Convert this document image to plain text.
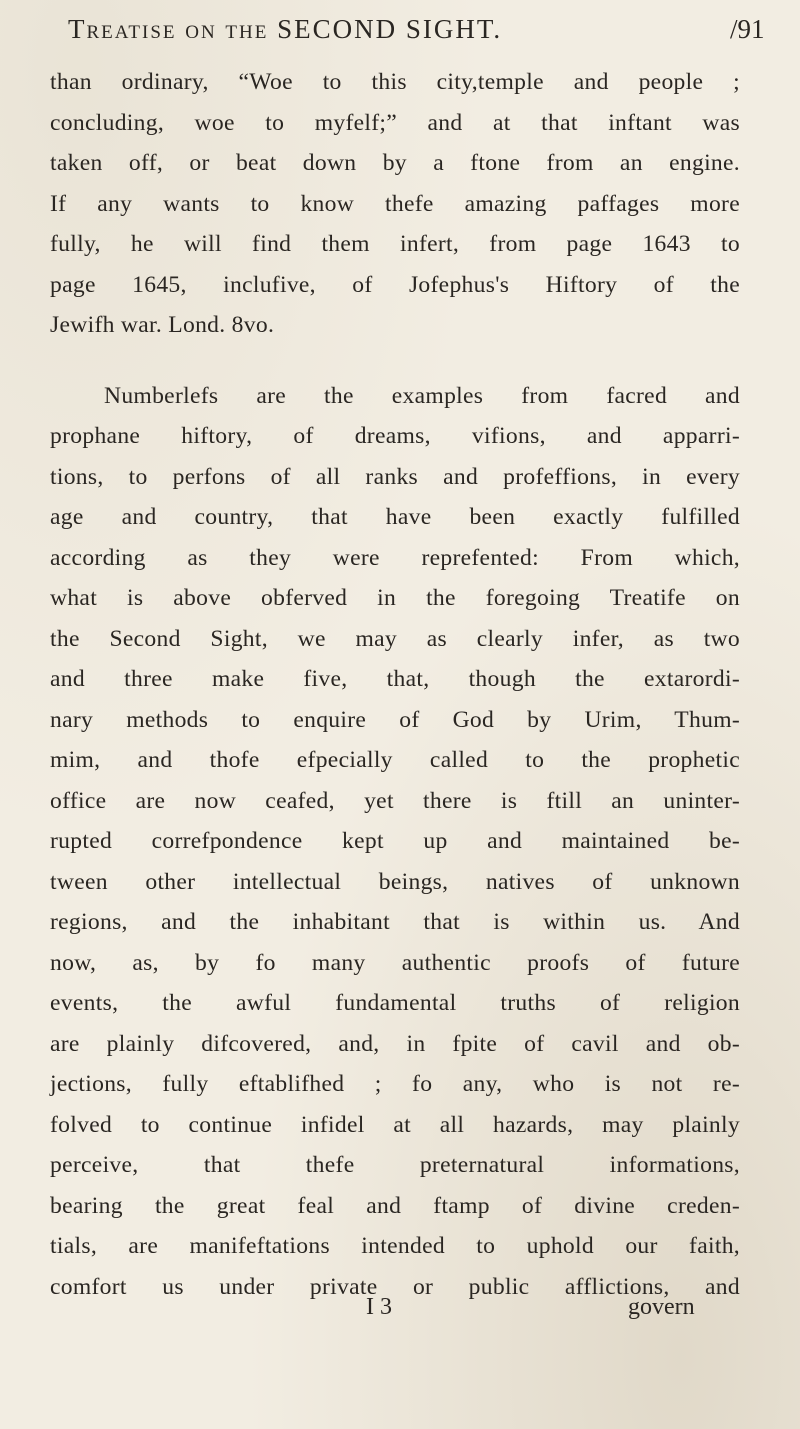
Treatise on the SECOND SIGHT.	/91
than ordinary, “Woe to this city,temple and people ;
concluding, woe to myfelf;” and at that inftant was
taken off, or beat down by a ftone from an engine.
If any wants to know thefe amazing paffages more
fully, he will find them infert, from page 1643 to
page 1645, inclufive, of Jofephus's Hiftory of the
Jewifh war. Lond. 8vo.
Numberlefs are the examples from facred and
prophane hiftory, of dreams, vifions, and apparri-
tions, to perfons of all ranks and profeffions, in every
age and country, that have been exactly fulfilled
according as they were reprefented: From which,
what is above obferved in the foregoing Treatife on
the Second Sight, we may as clearly infer, as two
and three make five, that, though the extarordi-
nary methods to enquire of God by Urim, Thum-
mim, and thofe efpecially called to the prophetic
office are now ceafed, yet there is ftill an uninter-
rupted correfpondence kept up and maintained be-
tween other intellectual beings, natives of unknown
regions, and the inhabitant that is within us. And
now, as, by fo many authentic proofs of future
events, the awful fundamental truths of religion
are plainly difcovered, and, in fpite of cavil and ob-
jections, fully eftablifhed ; fo any, who is not re-
folved to continue infidel at all hazards, may plainly
perceive, that thefe preternatural informations,
bearing the great feal and ftamp of divine creden-
tials, are manifeftations intended to uphold our faith,
comfort us under private or public afflictions, and
I 3	govern
